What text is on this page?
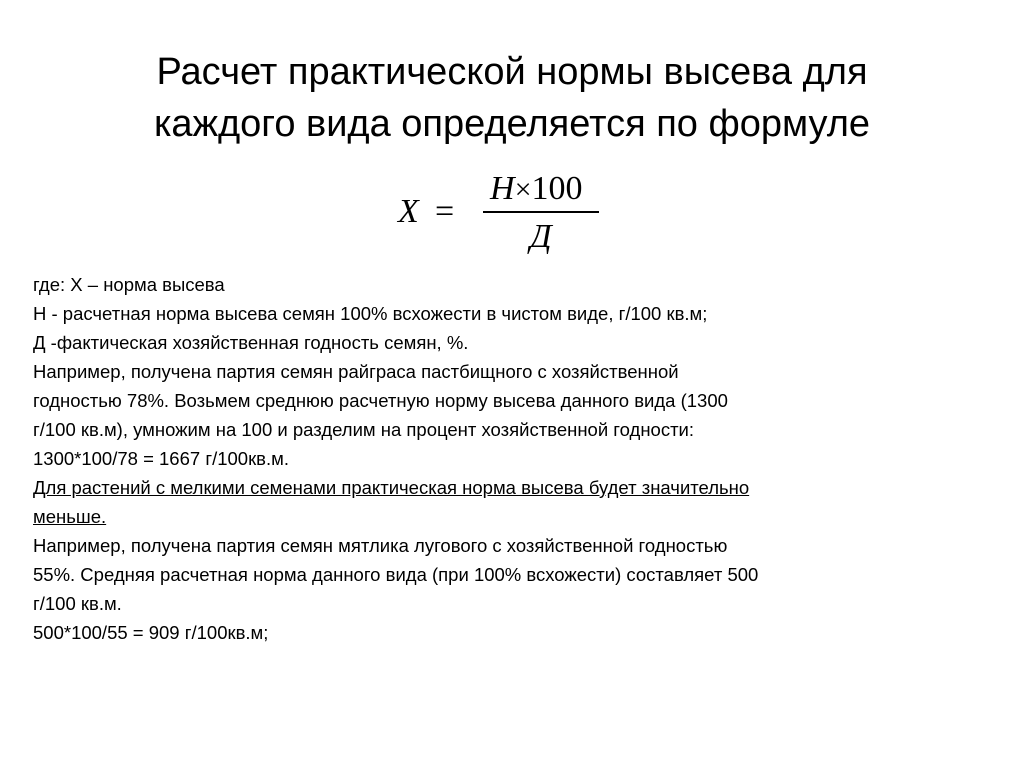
Расчет практической нормы высева для
каждого вида определяется по формуле
X =
H×100
Д
где: Х – норма высева
Н - расчетная норма высева семян 100% всхожести в чистом виде, г/100 кв.м;
Д -фактическая хозяйственная годность семян, %.
Например, получена партия семян райграса пастбищного с хозяйственной
годностью 78%. Возьмем среднюю расчетную норму высева данного вида (1300
г/100 кв.м), умножим на 100 и разделим на процент хозяйственной годности:
1300*100/78 = 1667 г/100кв.м.
Для растений с мелкими семенами практическая норма высева будет значительно
меньше.
Например, получена партия семян мятлика лугового с хозяйственной годностью
55%. Средняя расчетная норма данного вида (при 100% всхожести) составляет 500
г/100 кв.м.
500*100/55 = 909 г/100кв.м;
